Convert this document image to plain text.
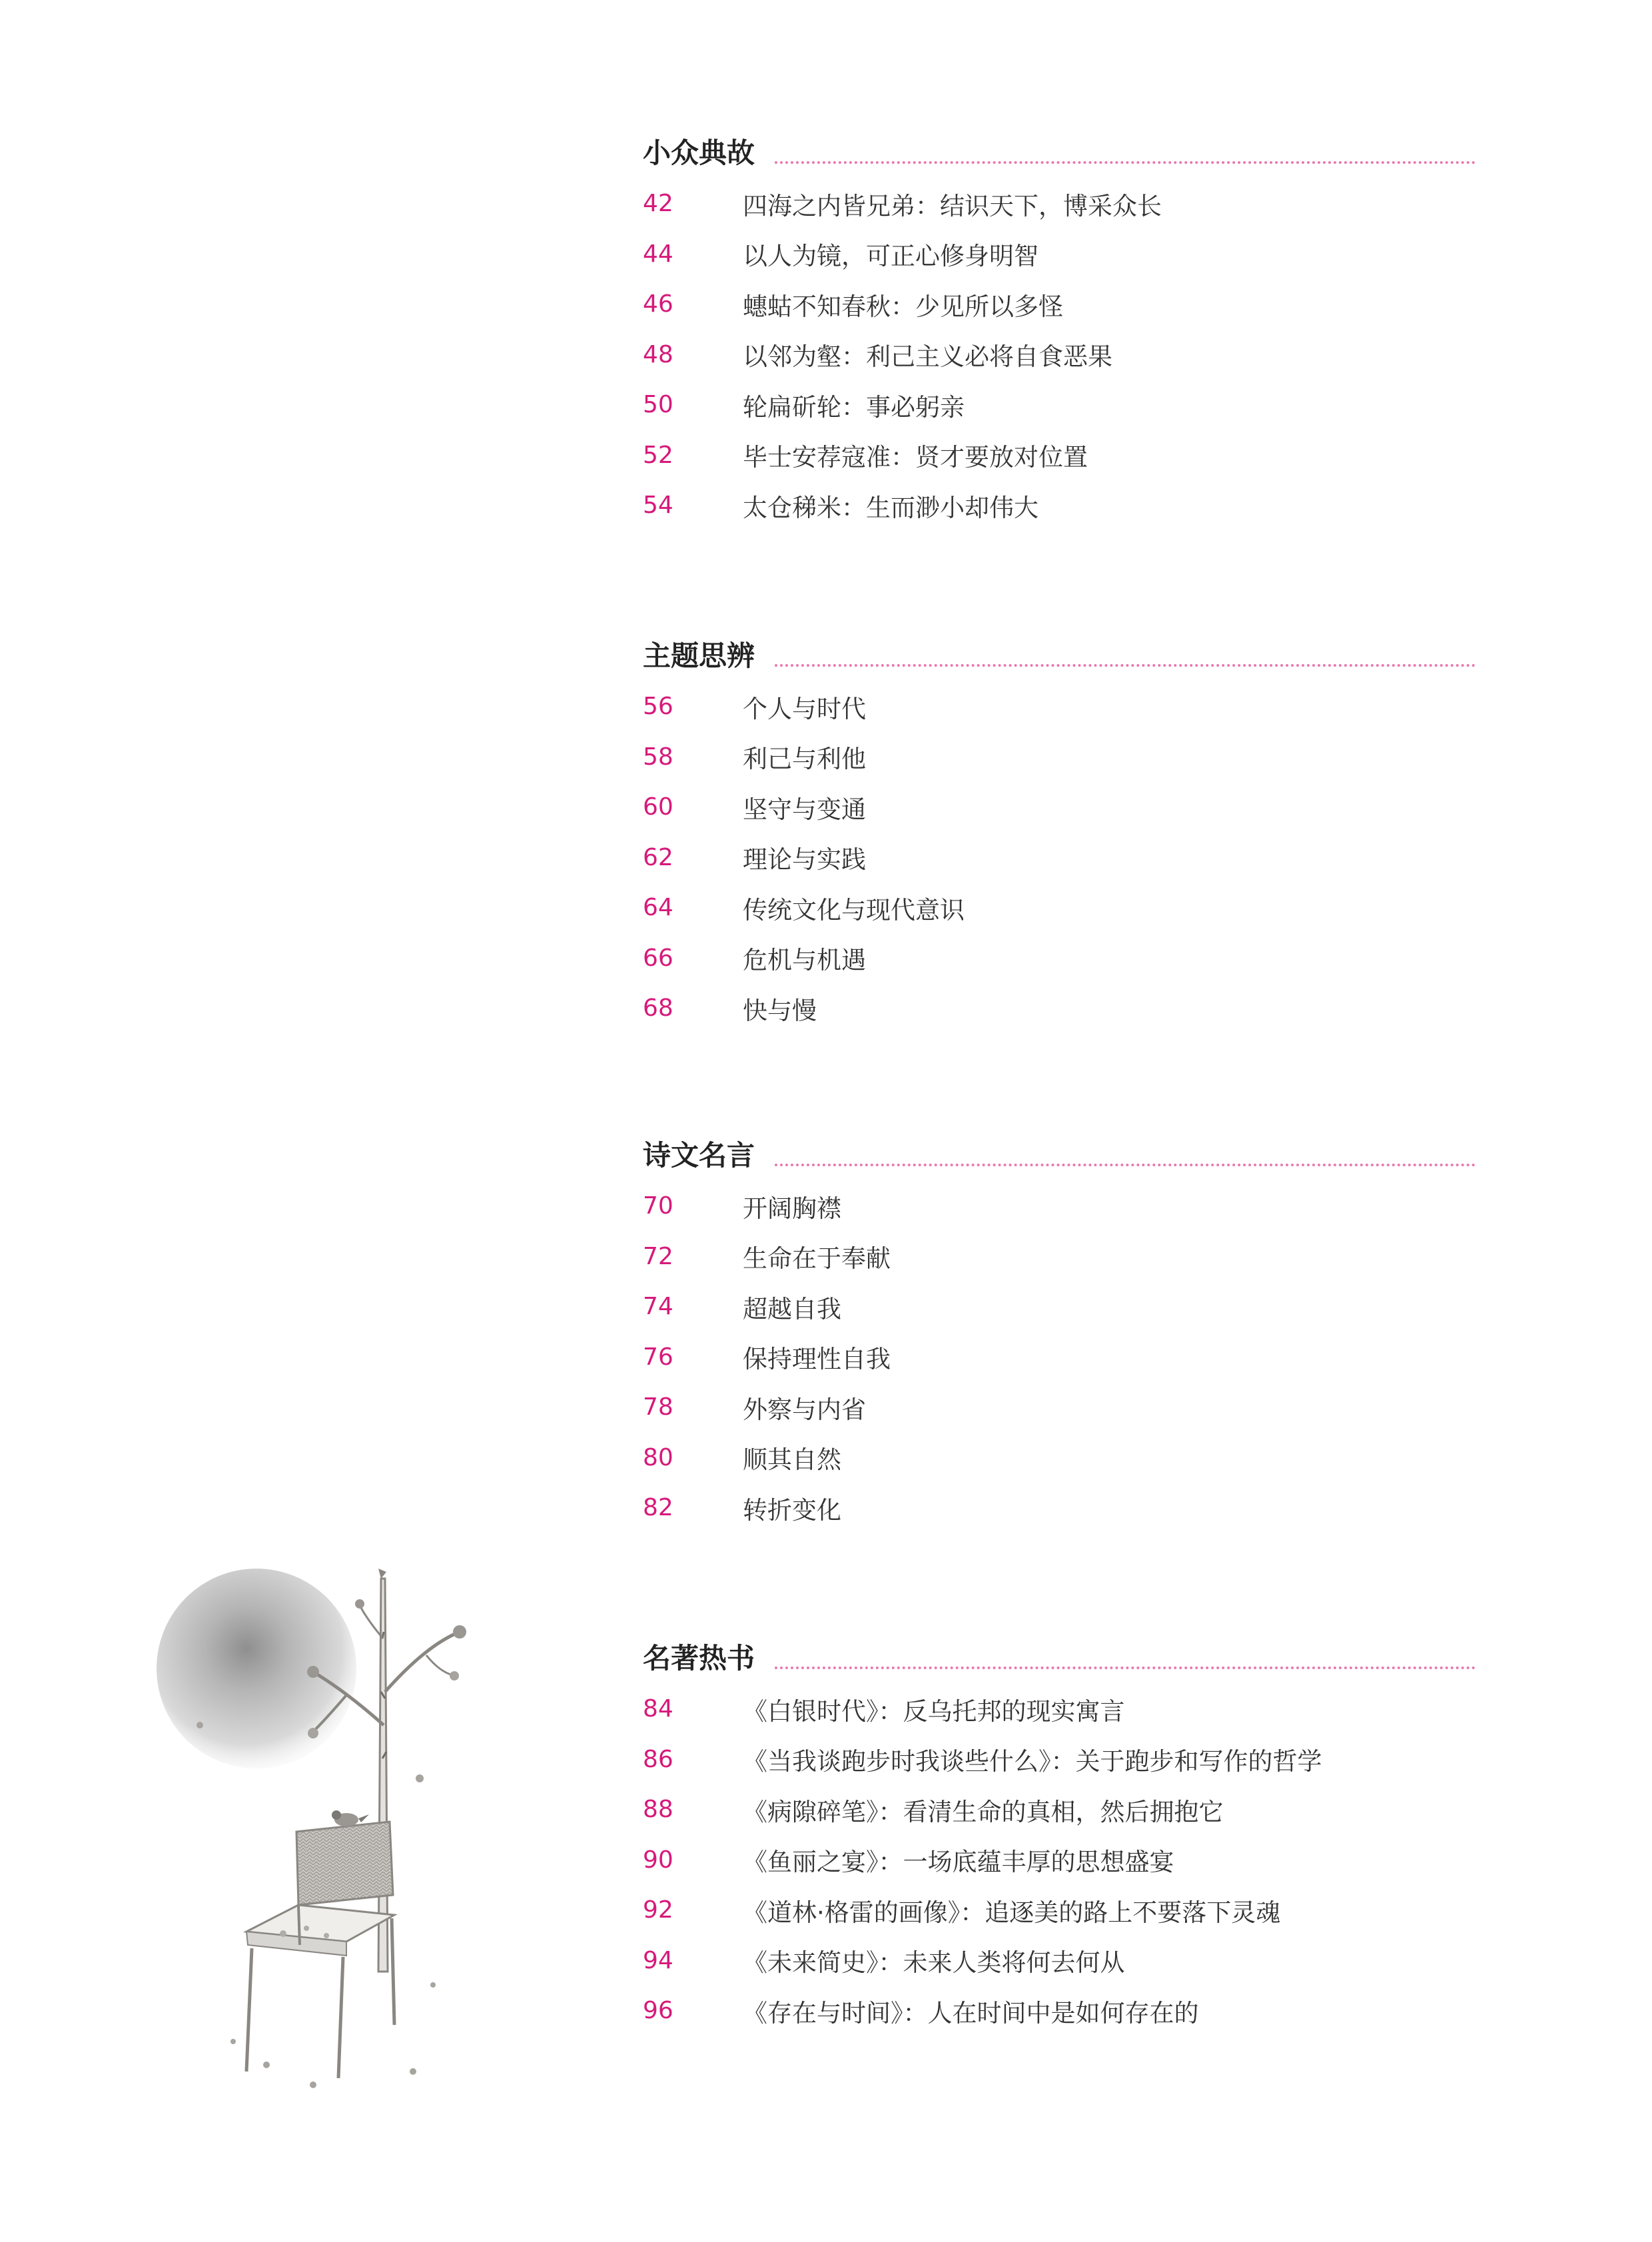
小众典故
42	四海之内皆兄弟：结识天下，博采众长
44	以人为镜，可正心修身明智
46	蟪蛄不知春秋：少见所以多怪
48	以邻为壑：利己主义必将自食恶果
50	轮扁斫轮：事必躬亲
52	毕士安荐寇准：贤才要放对位置
54	太仓稊米：生而渺小却伟大
主题思辨
56	个人与时代
58	利己与利他
60	坚守与变通
62	理论与实践
64	传统文化与现代意识
66	危机与机遇
68	快与慢
诗文名言
70	开阔胸襟
72	生命在于奉献
74	超越自我
76	保持理性自我
78	外察与内省
80	顺其自然
82	转折变化
名著热书
84	《白银时代》：反乌托邦的现实寓言
86	《当我谈跑步时我谈些什么》：关于跑步和写作的哲学
88	《病隙碎笔》：看清生命的真相，然后拥抱它
90	《鱼丽之宴》：一场底蕴丰厚的思想盛宴
92	《道林·格雷的画像》：追逐美的路上不要落下灵魂
94	《未来简史》：未来人类将何去何从
96	《存在与时间》：人在时间中是如何存在的
